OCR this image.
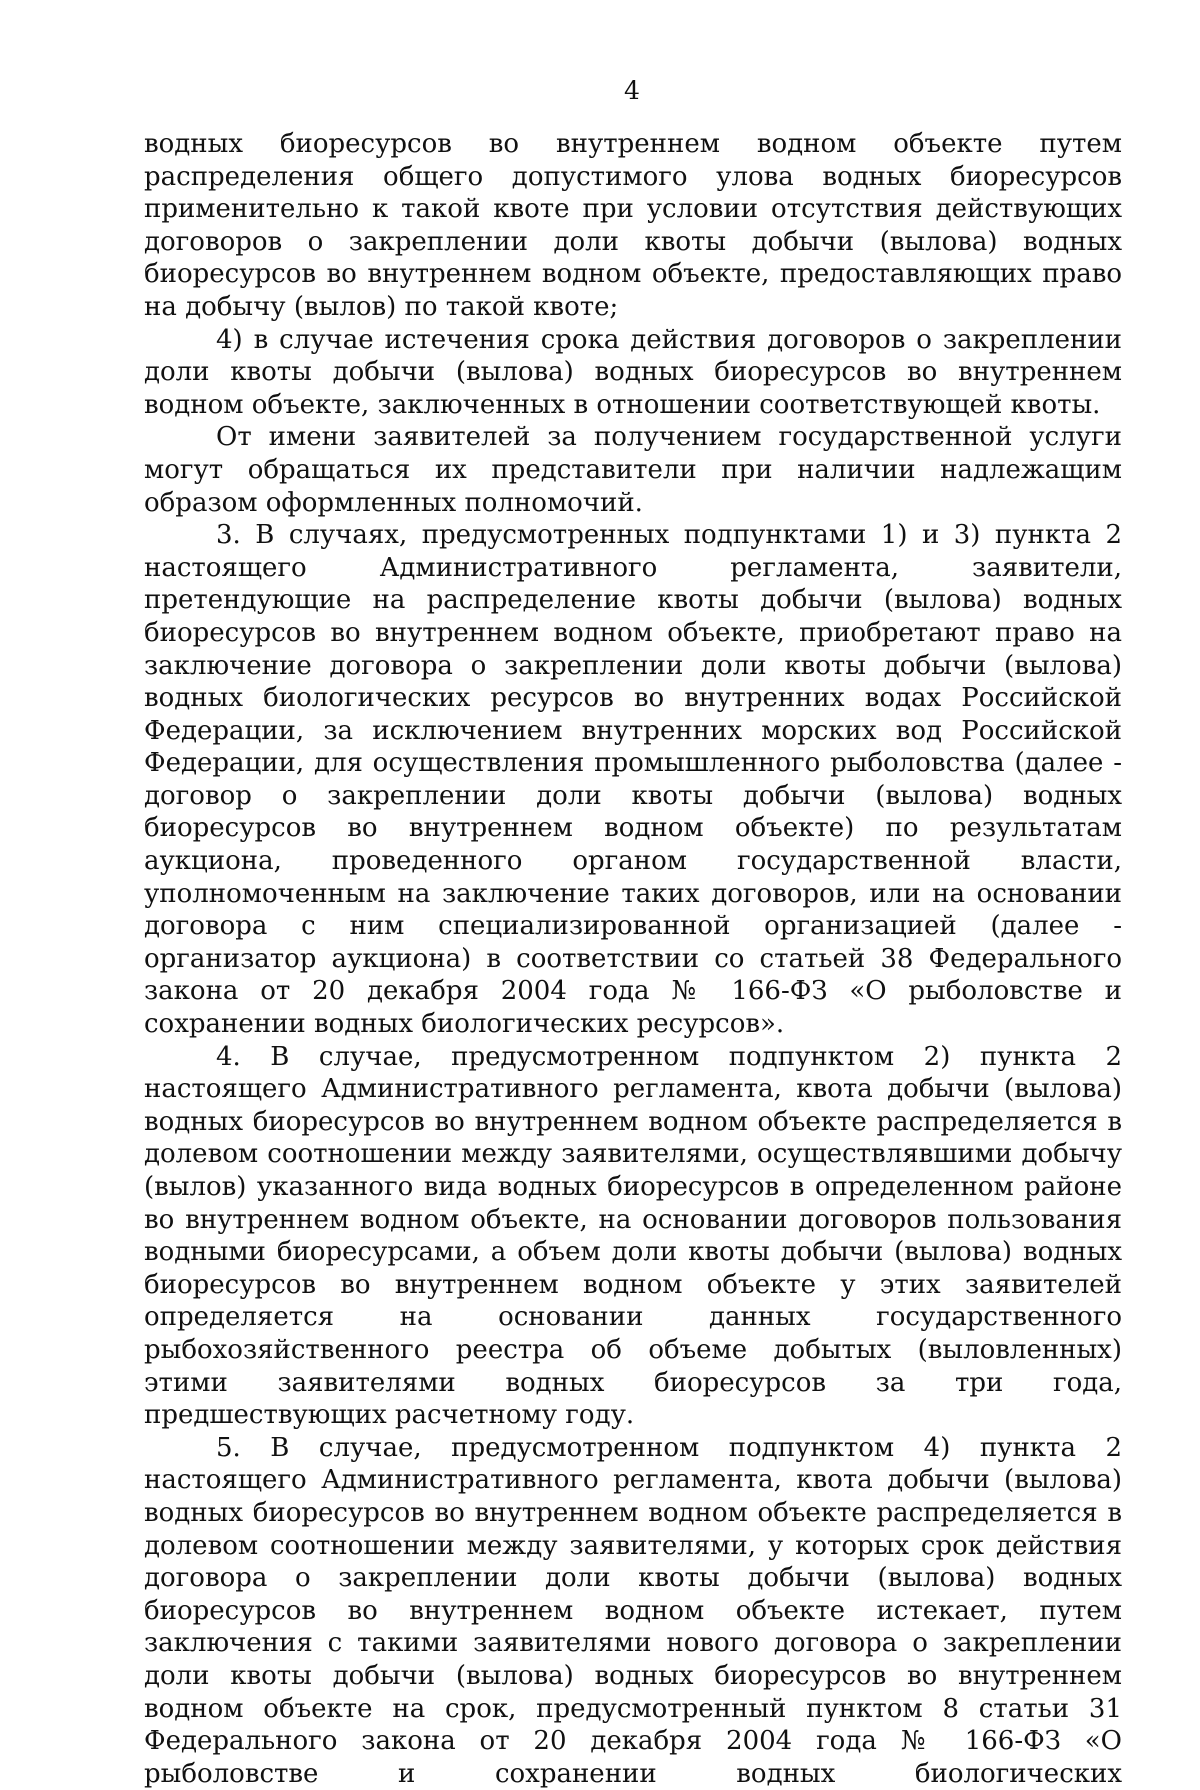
4

водных биоресурсов во внутреннем водном объекте путем распределения общего допустимого улова водных биоресурсов применительно к такой квоте при условии отсутствия действующих договоров о закреплении доли квоты добычи (вылова) водных биоресурсов во внутреннем водном объекте, предоставляющих право на добычу (вылов) по такой квоте;

4) в случае истечения срока действия договоров о закреплении доли квоты добычи (вылова) водных биоресурсов во внутреннем водном объекте, заключенных в отношении соответствующей квоты.

От имени заявителей за получением государственной услуги могут обращаться их представители при наличии надлежащим образом оформленных полномочий.

3. В случаях, предусмотренных подпунктами 1) и 3) пункта 2 настоящего Административного регламента, заявители, претендующие на распределение квоты добычи (вылова) водных биоресурсов во внутреннем водном объекте, приобретают право на заключение договора о закреплении доли квоты добычи (вылова) водных биологических ресурсов во внутренних водах Российской Федерации, за исключением внутренних морских вод Российской Федерации, для осуществления промышленного рыболовства (далее - договор о закреплении доли квоты добычи (вылова) водных биоресурсов во внутреннем водном объекте) по результатам аукциона, проведенного органом государственной власти, уполномоченным на заключение таких договоров, или на основании договора с ним специализированной организацией (далее - организатор аукциона) в соответствии со статьей 38 Федерального закона от 20 декабря 2004 года № 166-ФЗ «О рыболовстве и сохранении водных биологических ресурсов».

4. В случае, предусмотренном подпунктом 2) пункта 2 настоящего Административного регламента, квота добычи (вылова) водных биоресурсов во внутреннем водном объекте распределяется в долевом соотношении между заявителями, осуществлявшими добычу (вылов) указанного вида водных биоресурсов в определенном районе во внутреннем водном объекте, на основании договоров пользования водными биоресурсами, а объем доли квоты добычи (вылова) водных биоресурсов во внутреннем водном объекте у этих заявителей определяется на основании данных государственного рыбохозяйственного реестра об объеме добытых (выловленных) этими заявителями водных биоресурсов за три года, предшествующих расчетному году.

5. В случае, предусмотренном подпунктом 4) пункта 2 настоящего Административного регламента, квота добычи (вылова) водных биоресурсов во внутреннем водном объекте распределяется в долевом соотношении между заявителями, у которых срок действия договора о закреплении доли квоты добычи (вылова) водных биоресурсов во внутреннем водном объекте истекает, путем заключения с такими заявителями нового договора о закреплении доли квоты добычи (вылова) водных биоресурсов во внутреннем водном объекте на срок, предусмотренный пунктом 8 статьи 31 Федерального закона от 20 декабря 2004 года № 166-ФЗ «О рыболовстве и сохранении водных биологических
